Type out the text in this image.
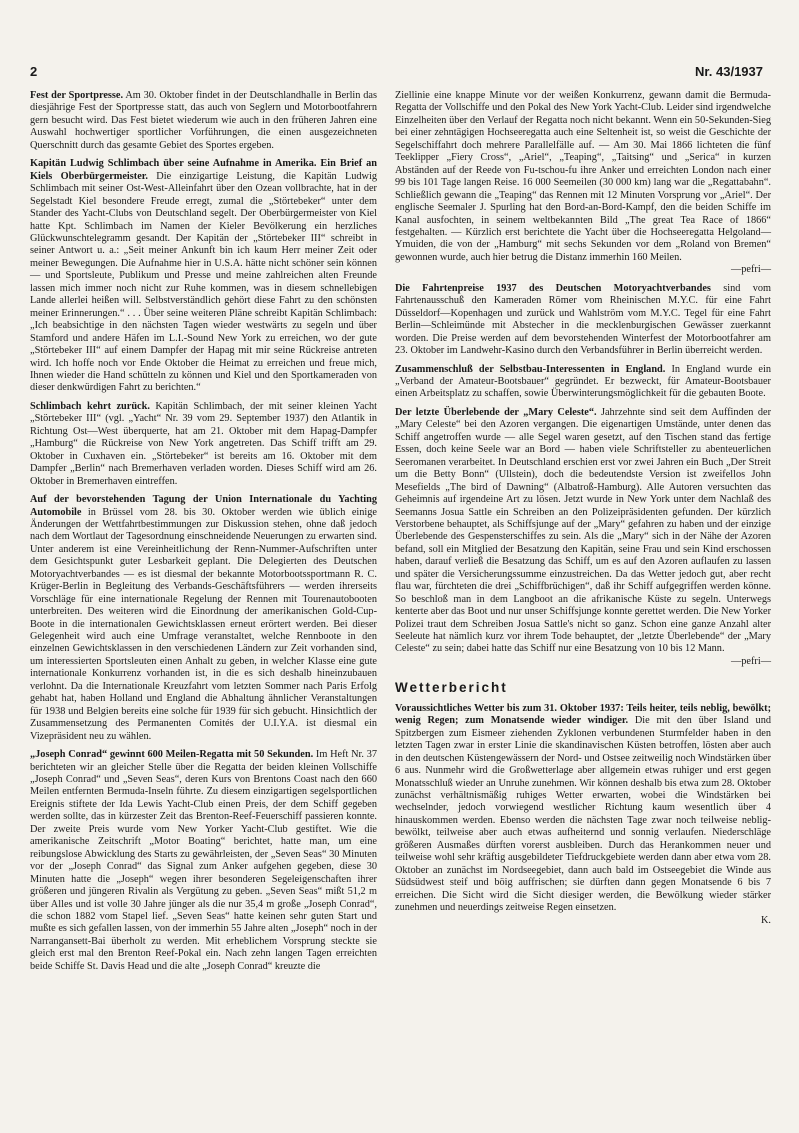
2	Nr. 43/1937

Fest der Sportpresse. Am 30. Oktober findet in der Deutschlandhalle in Berlin das diesjährige Fest der Sportpresse statt, das auch von Seglern und Motorbootfahrern gern besucht wird. Das Fest bietet wiederum wie auch in den früheren Jahren eine Auswahl hochwertiger sportlicher Vorführungen, die einen ausgezeichneten Querschnitt durch das gesamte Gebiet des Sportes ergeben.

Kapitän Ludwig Schlimbach über seine Aufnahme in Amerika. Ein Brief an Kiels Oberbürgermeister. Die einzigartige Leistung, die Kapitän Ludwig Schlimbach mit seiner Ost-West-Alleinfahrt über den Ozean vollbrachte, hat in der Segelstadt Kiel besondere Freude erregt, zumal die „Störtebeker“ unter dem Stander des Yacht-Clubs von Deutschland segelt. Der Oberbürgermeister von Kiel hatte Kpt. Schlimbach im Namen der Kieler Bevölkerung ein herzliches Glückwunschtelegramm gesandt. Der Kapitän der „Störtebeker III“ schreibt in seiner Antwort u. a.: „Seit meiner Ankunft bin ich kaum Herr meiner Zeit oder meiner Bewegungen. Die Aufnahme hier in U.S.A. hätte nicht schöner sein können — und Sportsleute, Publikum und Presse und meine zahlreichen alten Freunde lassen mich immer noch nicht zur Ruhe kommen, was in diesem schnellebigen Lande allerlei heißen will. Selbstverständlich gehört diese Fahrt zu den schönsten meiner Erinnerungen.“ . . . Über seine weiteren Pläne schreibt Kapitän Schlimbach: „Ich beabsichtige in den nächsten Tagen wieder westwärts zu segeln und über Stamford und andere Häfen im L.I.-Sound New York zu erreichen, wo der gute „Störtebeker III“ auf einem Dampfer der Hapag mit mir seine Rückreise antreten wird. Ich hoffe noch vor Ende Oktober die Heimat zu erreichen und freue mich, Ihnen wieder die Hand schütteln zu können und Kiel und den Sportkameraden von dieser denkwürdigen Fahrt zu berichten.“

Schlimbach kehrt zurück. Kapitän Schlimbach, der mit seiner kleinen Yacht „Störtebeker III“ (vgl. „Yacht“ Nr. 39 vom 29. September 1937) den Atlantik in Richtung Ost—West überquerte, hat am 21. Oktober mit dem Hapag-Dampfer „Hamburg“ die Rückreise von New York angetreten. Das Schiff trifft am 29. Oktober in Cuxhaven ein. „Störtebeker“ ist bereits am 16. Oktober mit dem Dampfer „Berlin“ nach Bremerhaven verladen worden. Dieses Schiff wird am 26. Oktober in Bremerhaven eintreffen.

Auf der bevorstehenden Tagung der Union Internationale du Yachting Automobile in Brüssel vom 28. bis 30. Oktober werden wie üblich einige Änderungen der Wettfahrtbestimmungen zur Diskussion stehen, ohne daß jedoch nach dem Wortlaut der Tagesordnung einschneidende Neuerungen zu erwarten sind. Unter anderem ist eine Vereinheitlichung der Renn-Nummer-Aufschriften unter dem Gesichtspunkt guter Lesbarkeit geplant. Die Delegierten des Deutschen Motoryachtverbandes — es ist diesmal der bekannte Motorbootssportmann R. C. Krüger-Berlin in Begleitung des Verbands-Geschäftsführers — werden ihrerseits Vorschläge für eine internationale Regelung der Rennen mit Tourenautobooten unterbreiten. Des weiteren wird die Einordnung der amerikanischen Gold-Cup-Boote in die internationalen Gewichtsklassen erneut erörtert werden. Bei dieser Gelegenheit wird auch eine Umfrage veranstaltet, welche Rennboote in den einzelnen Gewichtsklassen in den verschiedenen Ländern zur Zeit vorhanden sind, um interessierten Sportsleuten einen Anhalt zu geben, in welcher Klasse eine gute internationale Konkurrenz vorhanden ist, in die es sich deshalb hineinzubauen verlohnt. Da die Internationale Kreuzfahrt vom letzten Sommer nach Paris Erfolg gehabt hat, haben Holland und England die Abhaltung ähnlicher Veranstaltungen für 1938 und Belgien bereits eine solche für 1939 für sich gebucht. Hinsichtlich der Zusammensetzung des Permanenten Comités der U.I.Y.A. ist diesmal ein Vizepräsident neu zu wählen.

„Joseph Conrad“ gewinnt 600 Meilen-Regatta mit 50 Sekunden. Im Heft Nr. 37 berichteten wir an gleicher Stelle über die Regatta der beiden kleinen Vollschiffe „Joseph Conrad“ und „Seven Seas“, deren Kurs von Brentons Coast nach den 660 Meilen entfernten Bermuda-Inseln führte. Zu diesem einzigartigen segelsportlichen Ereignis stiftete der Ida Lewis Yacht-Club einen Preis, der dem Schiff gegeben werden sollte, das in kürzester Zeit das Brenton-Reef-Feuerschiff passieren konnte. Der zweite Preis wurde vom New Yorker Yacht-Club gestiftet. Wie die amerikanische Zeitschrift „Motor Boating“ berichtet, hatte man, um eine reibungslose Abwicklung des Starts zu gewährleisten, der „Seven Seas“ 30 Minuten vor der „Joseph Conrad“ das Signal zum Anker aufgehen gegeben, diese 30 Minuten hatte die „Joseph“ wegen ihrer besonderen Segeleigenschaften ihrer größeren und jüngeren Rivalin als Vergütung zu geben. „Seven Seas“ mißt 51,2 m über Alles und ist volle 30 Jahre jünger als die nur 35,4 m große „Joseph Conrad“, die schon 1882 vom Stapel lief. „Seven Seas“ hatte keinen sehr guten Start und mußte es sich gefallen lassen, von der immerhin 55 Jahre alten „Joseph“ noch in der Narrangansett-Bai überholt zu werden. Mit erheblichem Vorsprung steckte sie gleich erst mal den Brenton Reef-Pokal ein. Nach zehn langen Tagen erreichten beide Schiffe St. Davis Head und die alte „Joseph Conrad“ kreuzte die

Ziellinie eine knappe Minute vor der weißen Konkurrenz, gewann damit die Bermuda-Regatta der Vollschiffe und den Pokal des New York Yacht-Club. Leider sind irgendwelche Einzelheiten über den Verlauf der Regatta noch nicht bekannt. Wenn ein 50-Sekunden-Sieg bei einer zehntägigen Hochseeregatta auch eine Seltenheit ist, so weist die Geschichte der Segelschiffahrt doch mehrere Parallelfälle auf. — Am 30. Mai 1866 lichteten die fünf Teeklipper „Fiery Cross“, „Ariel“, „Teaping“, „Taitsing“ und „Serica“ in kurzen Abständen auf der Reede von Fu-tschou-fu ihre Anker und erreichten London nach einer 99 bis 101 Tage langen Reise. 16 000 Seemeilen (30 000 km) lang war die „Regattabahn“. Schließlich gewann die „Teaping“ das Rennen mit 12 Minuten Vorsprung vor „Ariel“. Der englische Seemaler J. Spurling hat den Bord-an-Bord-Kampf, den die beiden Schiffe im Kanal ausfochten, in seinem weltbekannten Bild „The great Tea Race of 1866“ festgehalten. — Kürzlich erst berichtete die Yacht über die Hochseeregatta Helgoland—Ymuiden, die von der „Hamburg“ mit sechs Sekunden vor dem „Roland von Bremen“ gewonnen wurde, auch hier betrug die Distanz immerhin 160 Meilen.
—pefri—

Die Fahrtenpreise 1937 des Deutschen Motoryachtverbandes sind vom Fahrtenausschuß den Kameraden Römer vom Rheinischen M.Y.C. für eine Fahrt Düsseldorf—Kopenhagen und zurück und Wahlström vom M.Y.C. Tegel für eine Fahrt Berlin—Schleimünde mit Abstecher in die mecklenburgischen Gewässer zuerkannt worden. Die Preise werden auf dem bevorstehenden Winterfest der Motorbootfahrer am 23. Oktober im Landwehr-Kasino durch den Verbandsführer in Berlin überreicht werden.

Zusammenschluß der Selbstbau-Interessenten in England. In England wurde ein „Verband der Amateur-Bootsbauer“ gegründet. Er bezweckt, für Amateur-Bootsbauer einen Arbeitsplatz zu schaffen, sowie Überwinterungsmöglichkeit für die gebauten Boote.

Der letzte Überlebende der „Mary Celeste“. Jahrzehnte sind seit dem Auffinden der „Mary Celeste“ bei den Azoren vergangen. Die eigenartigen Umstände, unter denen das Schiff angetroffen wurde — alle Segel waren gesetzt, auf den Tischen stand das fertige Essen, doch keine Seele war an Bord — haben viele Schriftsteller zu abenteuerlichen Seeromanen verarbeitet. In Deutschland erschien erst vor zwei Jahren ein Buch „Der Streit um die Betty Bonn“ (Ullstein), doch die bedeutendste Version ist zweifellos John Mesefields „The bird of Dawning“ (Albatroß-Hamburg). Alle Autoren versuchten das Geheimnis auf irgendeine Art zu lösen. Jetzt wurde in New York unter dem Nachlaß des Seemanns Josua Sattle ein Schreiben an den Polizeipräsidenten gefunden. Der kürzlich Verstorbene behauptet, als Schiffsjunge auf der „Mary“ gefahren zu haben und der einzige Überlebende des Gespensterschiffes zu sein. Als die „Mary“ sich in der Nähe der Azoren befand, soll ein Mitglied der Besatzung den Kapitän, seine Frau und sein Kind erschossen haben, darauf verließ die Besatzung das Schiff, um es auf den Azoren auflaufen zu lassen und später die Versicherungssumme einzustreichen. Da das Wetter jedoch gut, aber recht flau war, fürchteten die drei „Schiffbrüchigen“, daß ihr Schiff aufgegriffen werden könne. So beschloß man in dem Langboot an die afrikanische Küste zu segeln. Unterwegs kenterte aber das Boot und nur unser Schiffsjunge konnte gerettet werden. Die New Yorker Polizei traut dem Schreiben Josua Sattle's nicht so ganz. Schon eine ganze Anzahl alter Seeleute hat nämlich kurz vor ihrem Tode behauptet, der „letzte Überlebende“ der „Mary Celeste“ zu sein; dabei hatte das Schiff nur eine Besatzung von 10 bis 12 Mann.
—pefri—

Wetterbericht

Voraussichtliches Wetter bis zum 31. Oktober 1937: Teils heiter, teils neblig, bewölkt; wenig Regen; zum Monatsende wieder windiger. Die mit den über Island und Spitzbergen zum Eismeer ziehenden Zyklonen verbundenen Sturmfelder haben in den letzten Tagen zwar in erster Linie die skandinavischen Küsten betroffen, lösten aber auch in den deutschen Küstengewässern der Nord- und Ostsee zeitweilig noch Windstärken über 6 aus. Nunmehr wird die Großwetterlage aber allgemein etwas ruhiger und erst gegen Monatsschluß wieder an Unruhe zunehmen. Wir können deshalb bis etwa zum 28. Oktober zunächst verhältnismäßig ruhiges Wetter erwarten, wobei die Windstärken bei wechselnder, jedoch vorwiegend westlicher Richtung kaum wesentlich über 4 hinauskommen werden. Ebenso werden die nächsten Tage zwar noch teilweise neblig-bewölkt, teilweise aber auch etwas aufheiternd und sonnig verlaufen. Niederschläge größeren Ausmaßes dürften vorerst ausbleiben. Durch das Herankommen neuer und teilweise wohl sehr kräftig ausgebildeter Tiefdruckgebiete werden dann aber etwa vom 28. Oktober an zunächst im Nordseegebiet, dann auch bald im Ostseegebiet die Winde aus Südsüdwest steif und böig auffrischen; sie dürften dann gegen Monatsende 6 bis 7 erreichen. Die Sicht wird die Sicht diesiger werden, die Bewölkung wieder stärker zunehmen und neuerdings zeitweise Regen einsetzen.
K.
